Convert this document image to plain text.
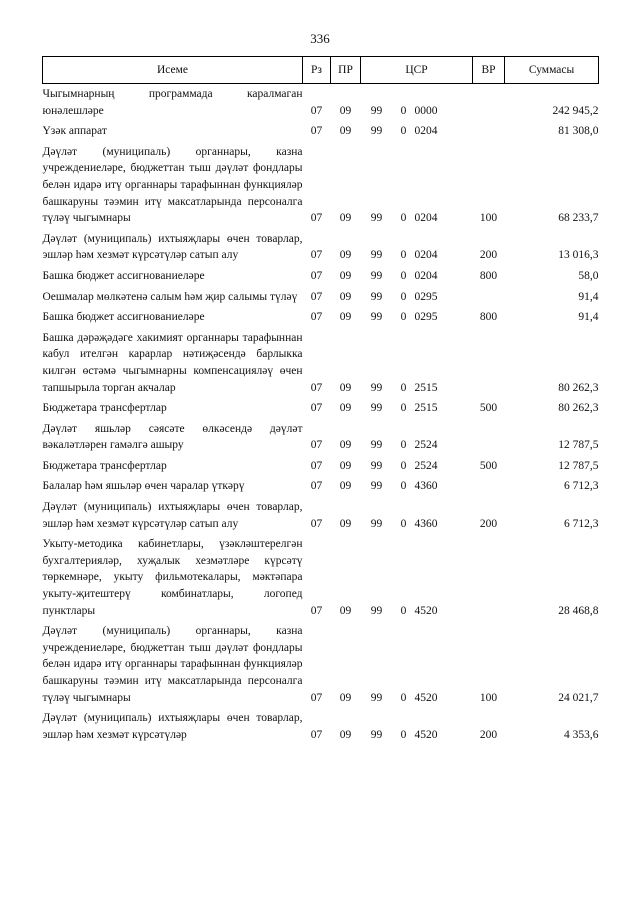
336
Исеме	Рз	ПР	ЦСР			ВР	Суммасы
Чыгымнарның программада каралмаган юнәлешләре	07	09	99	0	0000		242 945,2
Үзәк аппарат	07	09	99	0	0204		81 308,0
Дәүләт (муниципаль) органнары, казна учреждениеләре, бюджеттан тыш дәүләт фондлары белән идарә итү органнары тарафыннан функцияләр башкаруны тәэмин итү максатларында персоналга түләү чыгымнары	07	09	99	0	0204	100	68 233,7
Дәүләт (муниципаль) ихтыяҗлары өчен товарлар, эшләр һәм хезмәт күрсәтүләр сатып алу	07	09	99	0	0204	200	13 016,3
Башка бюджет ассигнованиеләре	07	09	99	0	0204	800	58,0
Оешмалар мөлкәтенә салым һәм җир салымы түләү	07	09	99	0	0295		91,4
Башка бюджет ассигнованиеләре	07	09	99	0	0295	800	91,4
Башка дәрәҗәдәге хакимият органнары тарафыннан кабул ителгән карарлар нәтиҗәсендә барлыкка килгән өстәмә чыгымнарны компенсацияләү өчен тапшырыла торган акчалар	07	09	99	0	2515		80 262,3
Бюджетара трансфертлар	07	09	99	0	2515	500	80 262,3
Дәүләт яшьләр сәясәте өлкәсендә дәүләт вәкаләтләрен гамәлгә ашыру	07	09	99	0	2524		12 787,5
Бюджетара трансфертлар	07	09	99	0	2524	500	12 787,5
Балалар һәм яшьләр өчен чаралар үткәрү	07	09	99	0	4360		6 712,3
Дәүләт (муниципаль) ихтыяҗлары өчен товарлар, эшләр һәм хезмәт күрсәтүләр сатып алу	07	09	99	0	4360	200	6 712,3
Укыту-методика кабинетлары, үзәкләштерелгән бухгалтерияләр, хуҗалык хезмәтләре күрсәтү төркемнәре, укыту фильмотекалары, мәктәпара укыту-җитештерү комбинатлары, логопед пунктлары	07	09	99	0	4520		28 468,8
Дәүләт (муниципаль) органнары, казна учреждениеләре, бюджеттан тыш дәүләт фондлары белән идарә итү органнары тарафыннан функцияләр башкаруны тәэмин итү максатларында персоналга түләү чыгымнары	07	09	99	0	4520	100	24 021,7
Дәүләт (муниципаль) ихтыяҗлары өчен товарлар, эшләр һәм хезмәт күрсәтүләр	07	09	99	0	4520	200	4 353,6
